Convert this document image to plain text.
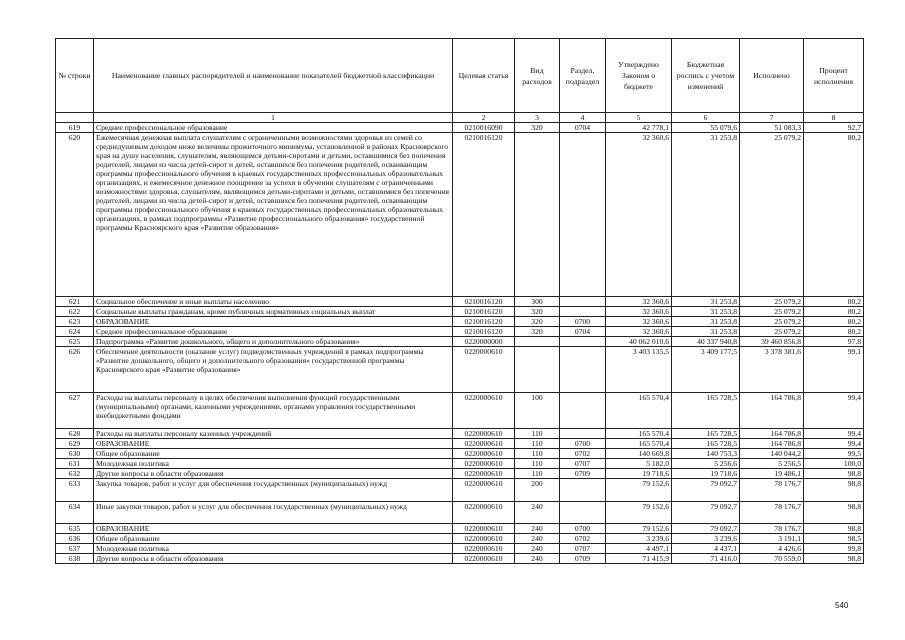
№ строки	Наименование главных распорядителей и наименование показателей бюджетной классификации	Целевая статья	Вид расходов	Раздел, подраздел	Утверждено Законом о бюджете	Бюджетная роспись с учетом изменений	Исполнено	Процент исполнения
	1	2	3	4	5	6	7	8
619	Среднее профессиональное образование	0210016090	320	0704	42 778,1	55 079,6	51 083,3	92,7
620	Ежемесячная денежная выплата слушателям с ограниченными возможностями здоровья из семей со среднедушевым доходом ниже величины прожиточного минимума, установленной в районах Красноярского края на душу населения, слушателям, являющимся детьми-сиротами и детьми, оставшимися без попечения родителей, лицами из числа детей-сирот и детей, оставшихся без попечения родителей, осваивающим программы профессионального обучения в краевых государственных профессиональных образовательных организациях, и ежемесячное денежное поощрение за успехи в обучении слушателям с ограниченными возможностями здоровья, слушателям, являющимся детьми-сиротами и детьми, оставшимися без попечения родителей, лицами из числа детей-сирот и детей, оставшихся без попечения родителей, осваивающим программы профессионального обучения в краевых государственных профессиональных образовательных организациях, в рамках подпрограммы «Развитие профессионального образования» государственной программы Красноярского края «Развитие образования»	0210016120			32 360,6	31 253,8	25 079,2	80,2
621	Социальное обеспечение и иные выплаты населению	0210016120	300		32 360,6	31 253,8	25 079,2	80,2
622	Социальные выплаты гражданам, кроме публичных нормативных социальных выплат	0210016120	320		32 360,6	31 253,8	25 079,2	80,2
623	ОБРАЗОВАНИЕ	0210016120	320	0700	32 360,6	31 253,8	25 079,2	80,2
624	Среднее профессиональное образование	0210016120	320	0704	32 360,6	31 253,8	25 079,2	80,2
625	Подпрограмма «Развитие дошкольного, общего и дополнительного образования»	0220000000			40 062 010,6	40 337 940,8	39 460 856,8	97,8
626	Обеспечение деятельности (оказание услуг) подведомственных учреждений в рамках подпрограммы «Развитие дошкольного, общего и дополнительного образования» государственной программы Красноярского края «Развитие образования»	0220000610			3 403 135,5	3 409 177,5	3 378 381,6	99,1
627	Расходы на выплаты персоналу в целях обеспечения выполнения функций государственными (муниципальными) органами, казенными учреждениями, органами управления государственными внебюджетными фондами	0220000610	100		165 570,4	165 728,5	164 786,8	99,4
628	Расходы на выплаты персоналу казенных учреждений	0220000610	110		165 570,4	165 728,5	164 786,8	99,4
629	ОБРАЗОВАНИЕ	0220000610	110	0700	165 570,4	165 728,5	164 786,8	99,4
630	Общее образование	0220000610	110	0702	140 669,8	140 753,3	140 044,2	99,5
631	Молодежная политика	0220000610	110	0707	5 182,0	5 256,6	5 256,5	100,0
632	Другие вопросы в области образования	0220000610	110	0709	19 718,6	19 718,6	19 486,1	98,8
633	Закупка товаров, работ и услуг для обеспечения государственных (муниципальных) нужд	0220000610	200		79 152,6	79 092,7	78 176,7	98,8
634	Иные закупки товаров, работ и услуг для обеспечения государственных (муниципальных) нужд	0220000610	240		79 152,6	79 092,7	78 176,7	98,8
635	ОБРАЗОВАНИЕ	0220000610	240	0700	79 152,6	79 092,7	78 176,7	98,8
636	Общее образование	0220000610	240	0702	3 239,6	3 239,6	3 191,1	98,5
637	Молодежная политика	0220000610	240	0707	4 497,1	4 437,1	4 426,6	99,8
638	Другие вопросы в области образования	0220000610	240	0709	71 415,9	71 416,0	70 559,0	98,8
540
